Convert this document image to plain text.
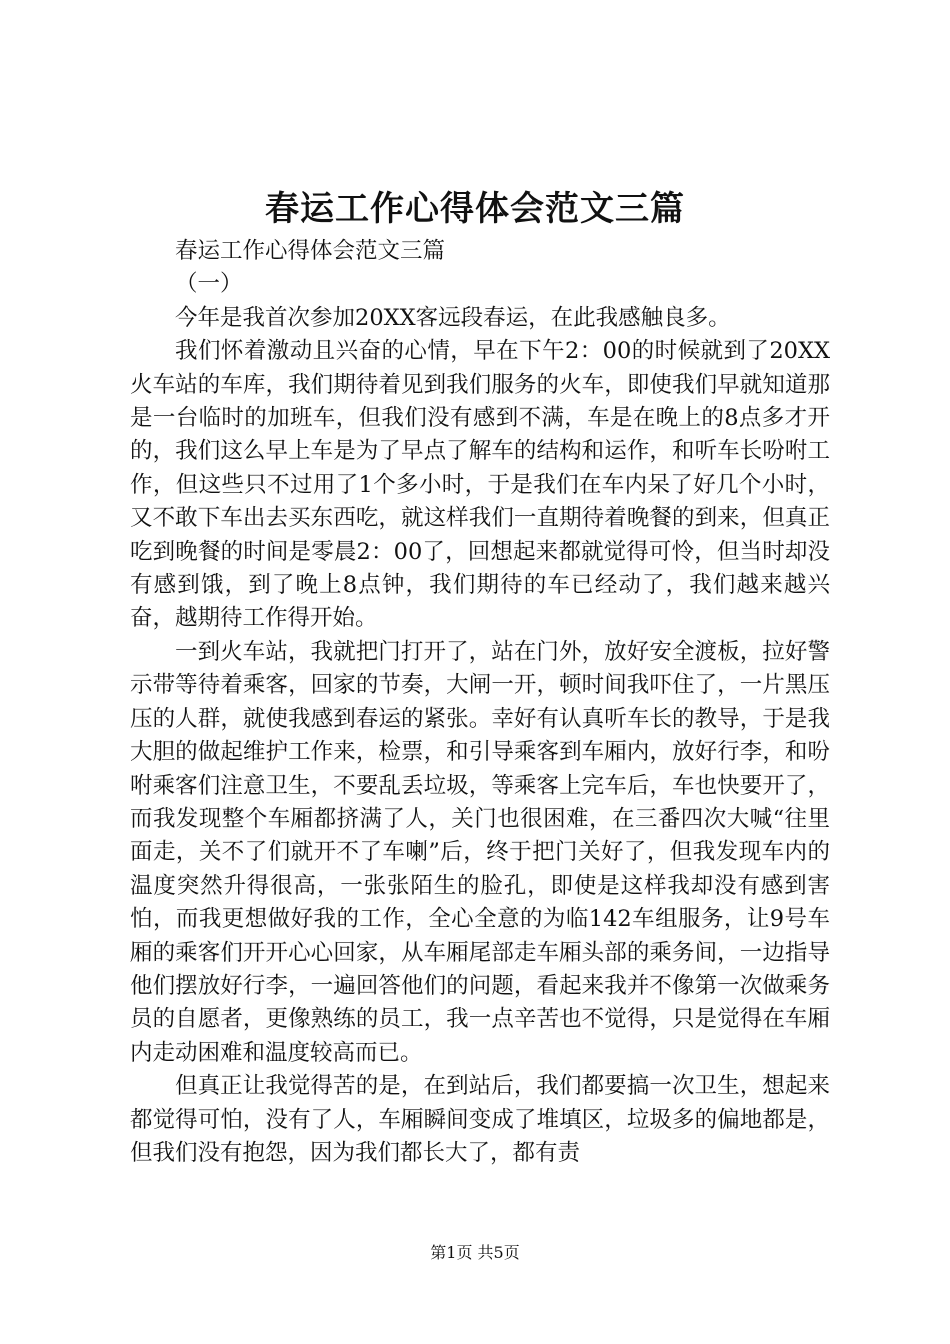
春运工作心得体会范文三篇

春运工作心得体会范文三篇

（一）

今年是我首次参加20XX客远段春运，在此我感触良多。

我们怀着激动且兴奋的心情，早在下午2：00的时候就到了20XX火车站的车库，我们期待着见到我们服务的火车，即使我们早就知道那是一台临时的加班车，但我们没有感到不满，车是在晚上的8点多才开的，我们这么早上车是为了早点了解车的结构和运作，和听车长吩咐工作，但这些只不过用了1个多小时，于是我们在车内呆了好几个小时，又不敢下车出去买东西吃，就这样我们一直期待着晚餐的到来，但真正吃到晚餐的时间是零晨2：00了，回想起来都就觉得可怜，但当时却没有感到饿，到了晚上8点钟，我们期待的车已经动了，我们越来越兴奋，越期待工作得开始。

一到火车站，我就把门打开了，站在门外，放好安全渡板，拉好警示带等待着乘客，回家的节奏，大闸一开，顿时间我吓住了，一片黑压压的人群，就使我感到春运的紧张。幸好有认真听车长的教导，于是我大胆的做起维护工作来，检票，和引导乘客到车厢内，放好行李，和吩咐乘客们注意卫生，不要乱丢垃圾，等乘客上完车后，车也快要开了，而我发现整个车厢都挤满了人，关门也很困难，在三番四次大喊“往里面走，关不了们就开不了车喇”后，终于把门关好了，但我发现车内的温度突然升得很高，一张张陌生的脸孔，即使是这样我却没有感到害怕，而我更想做好我的工作，全心全意的为临142车组服务，让9号车厢的乘客们开开心心回家，从车厢尾部走车厢头部的乘务间，一边指导他们摆放好行李，一遍回答他们的问题，看起来我并不像第一次做乘务员的自愿者，更像熟练的员工，我一点辛苦也不觉得，只是觉得在车厢内走动困难和温度较高而已。

但真正让我觉得苦的是，在到站后，我们都要搞一次卫生，想起来都觉得可怕，没有了人，车厢瞬间变成了堆填区，垃圾多的偏地都是，但我们没有抱怨，因为我们都长大了，都有责

第1页 共5页
